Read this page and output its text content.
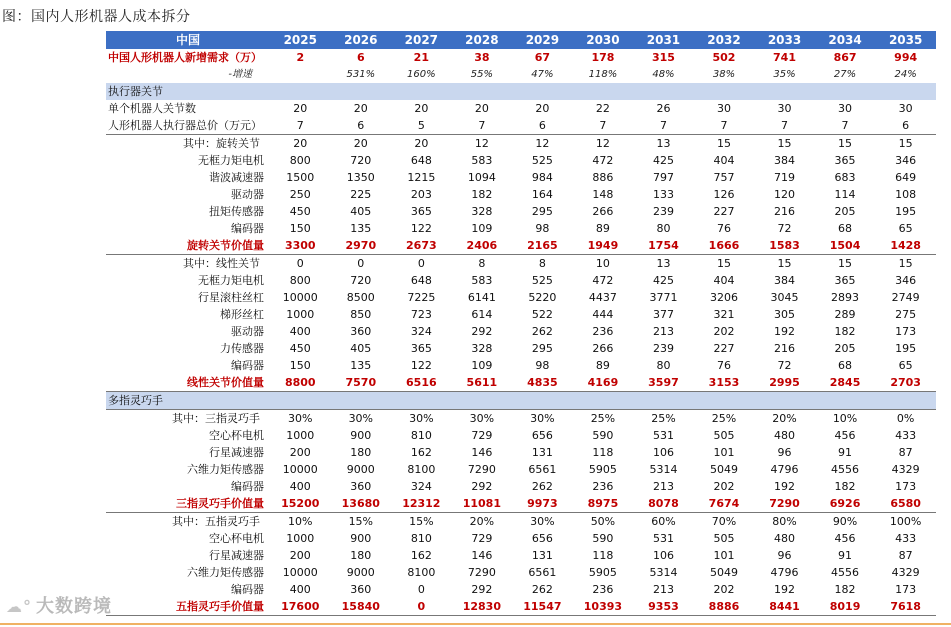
图：国内人形机器人成本拆分
中国	2025	2026	2027	2028	2029	2030	2031	2032	2033	2034	2035
中国人形机器人新增需求（万）	2	6	21	38	67	178	315	502	741	867	994
-增速		531%	160%	55%	47%	118%	48%	38%	35%	27%	24%
执行器关节											
单个机器人关节数	20	20	20	20	20	22	26	30	30	30	30
人形机器人执行器总价（万元）	7	6	5	7	6	7	7	7	7	7	6
其中：旋转关节	20	20	20	12	12	12	13	15	15	15	15
无框力矩电机	800	720	648	583	525	472	425	404	384	365	346
谐波减速器	1500	1350	1215	1094	984	886	797	757	719	683	649
驱动器	250	225	203	182	164	148	133	126	120	114	108
扭矩传感器	450	405	365	328	295	266	239	227	216	205	195
编码器	150	135	122	109	98	89	80	76	72	68	65
旋转关节价值量	3300	2970	2673	2406	2165	1949	1754	1666	1583	1504	1428
其中：线性关节	0	0	0	8	8	10	13	15	15	15	15
无框力矩电机	800	720	648	583	525	472	425	404	384	365	346
行星滚柱丝杠	10000	8500	7225	6141	5220	4437	3771	3206	3045	2893	2749
梯形丝杠	1000	850	723	614	522	444	377	321	305	289	275
驱动器	400	360	324	292	262	236	213	202	192	182	173
力传感器	450	405	365	328	295	266	239	227	216	205	195
编码器	150	135	122	109	98	89	80	76	72	68	65
线性关节价值量	8800	7570	6516	5611	4835	4169	3597	3153	2995	2845	2703
多指灵巧手											
其中：三指灵巧手	30%	30%	30%	30%	30%	25%	25%	25%	20%	10%	0%
空心杯电机	1000	900	810	729	656	590	531	505	480	456	433
行星减速器	200	180	162	146	131	118	106	101	96	91	87
六维力矩传感器	10000	9000	8100	7290	6561	5905	5314	5049	4796	4556	4329
编码器	400	360	324	292	262	236	213	202	192	182	173
三指灵巧手价值量	15200	13680	12312	11081	9973	8975	8078	7674	7290	6926	6580
其中：五指灵巧手	10%	15%	15%	20%	30%	50%	60%	70%	80%	90%	100%
空心杯电机	1000	900	810	729	656	590	531	505	480	456	433
行星减速器	200	180	162	146	131	118	106	101	96	91	87
六维力矩传感器	10000	9000	8100	7290	6561	5905	5314	5049	4796	4556	4329
编码器	400	360	0	292	262	236	213	202	192	182	173
五指灵巧手价值量	17600	15840	0	12830	11547	10393	9353	8886	8441	8019	7618
☁° 大数跨境
